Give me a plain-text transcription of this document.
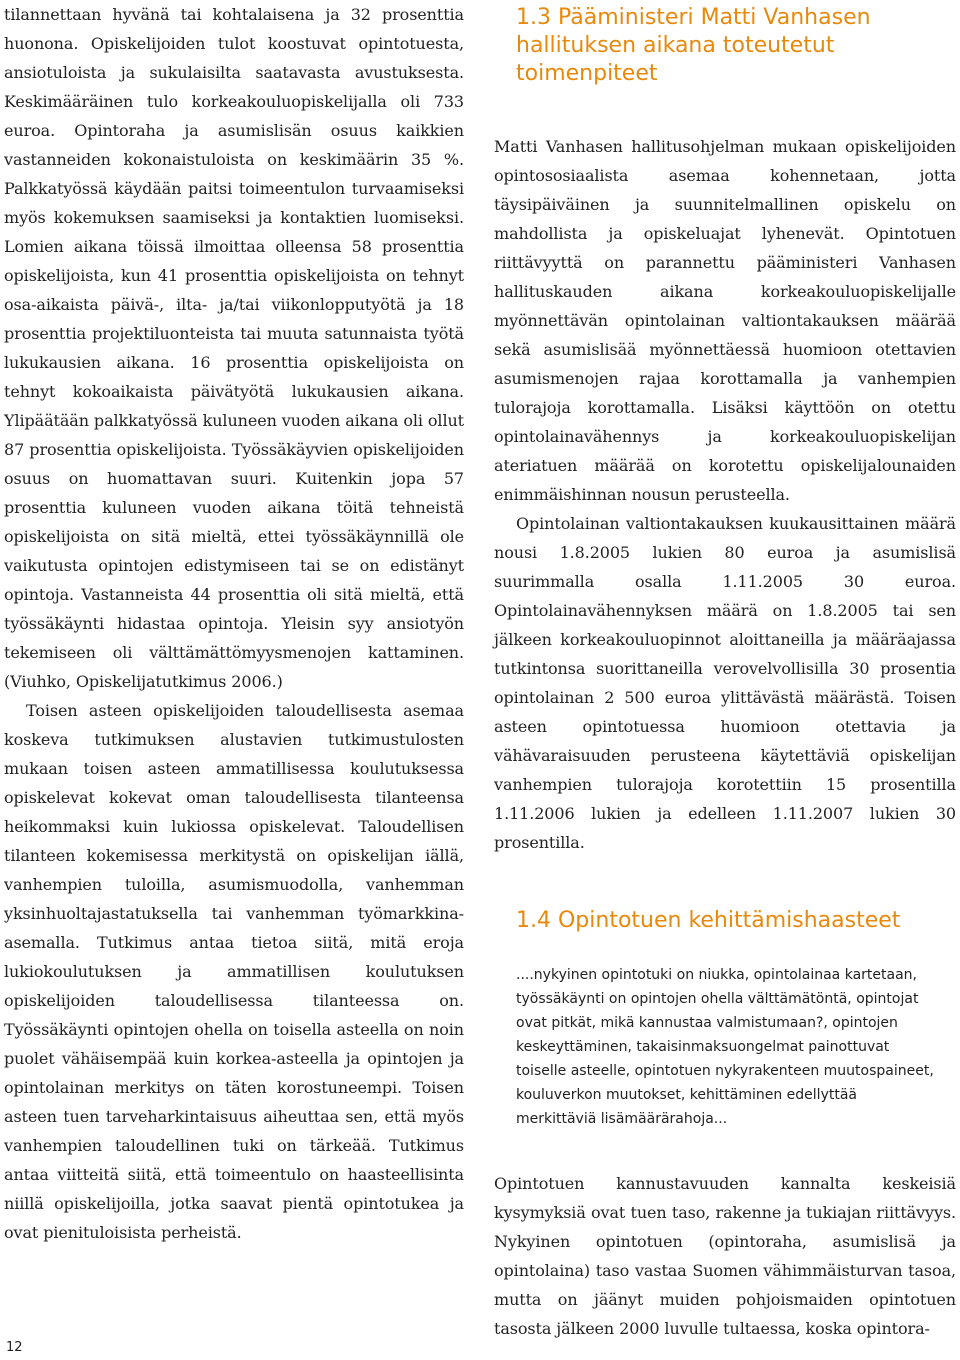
tilannettaan hyvänä tai kohtalaisena ja 32 prosenttia huonona. Opiskelijoiden tulot koostuvat opintotuesta, ansiotuloista ja sukulaisilta saatavasta avustuksesta. Keskimääräinen tulo korkeakouluopiskelijalla oli 733 euroa. Opintoraha ja asumislisän osuus kaikkien vastanneiden kokonaistuloista on keskimäärin 35 %. Palkkatyössä käydään paitsi toimeentulon turvaamiseksi myös kokemuksen saamiseksi ja kontaktien luomiseksi. Lomien aikana töissä ilmoittaa olleensa 58 prosenttia opiskelijoista, kun 41 prosenttia opiskelijoista on tehnyt osa-aikaista päivä-, ilta- ja/tai viikonlopputyötä ja 18 prosenttia projektiluonteista tai muuta satunnaista työtä lukukausien aikana. 16 prosenttia opiskelijoista on tehnyt kokoaikaista päivätyötä lukukausien aikana. Ylipäätään palkkatyössä kuluneen vuoden aikana oli ollut 87 prosenttia opiskelijoista. Työssäkäyvien opiskelijoiden osuus on huomattavan suuri. Kuitenkin jopa 57 prosenttia kuluneen vuoden aikana töitä tehneistä opiskelijoista on sitä mieltä, ettei työssäkäynnillä ole vaikutusta opintojen edistymiseen tai se on edistänyt opintoja. Vastanneista 44 prosenttia oli sitä mieltä, että työssäkäynti hidastaa opintoja. Yleisin syy ansiotyön tekemiseen oli välttämättömyysmenojen kattaminen.(Viuhko, Opiskelijatutkimus 2006.)

Toisen asteen opiskelijoiden taloudellisesta asemaa koskeva tutkimuksen alustavien tutkimustulosten mukaan toisen asteen ammatillisessa koulutuksessa opiskelevat kokevat oman taloudellisesta tilanteensa heikommaksi kuin lukiossa opiskelevat. Taloudellisen tilanteen kokemisessa merkitystä on opiskelijan iällä, vanhempien tuloilla, asumismuodolla, vanhemman yksinhuoltajastatuksella tai vanhemman työmarkkina-asemalla. Tutkimus antaa tietoa siitä, mitä eroja lukiokoulutuksen ja ammatillisen koulutuksen opiskelijoiden taloudellisessa tilanteessa on. Työssäkäynti opintojen ohella on toisella asteella on noin puolet vähäisempää kuin korkea-asteella ja opintojen ja opintolainan merkitys on täten korostuneempi. Toisen asteen tuen tarveharkintaisuus aiheuttaa sen, että myös vanhempien taloudellinen tuki on tärkeää. Tutkimus antaa viitteitä siitä, että toimeentulo on haasteellisinta niillä opiskelijoilla, jotka saavat pientä opintotukea ja ovat pienituloisista perheistä.

1.3 Pääministeri Matti Vanhasen hallituksen aikana toteutetut toimenpiteet

Matti Vanhasen hallitusohjelman mukaan opiskelijoiden opintososiaalista asemaa kohennetaan, jotta täysipäiväinen ja suunnitelmallinen opiskelu on mahdollista ja opiskeluajat lyhenevät. Opintotuen riittävyyttä on parannettu pääministeri Vanhasen hallituskauden aikana korkeakouluopiskelijalle myönnettävän opintolainan valtiontakauksen määrää sekä asumislisää myönnettäessä huomioon otettavien asumismenojen rajaa korottamalla ja vanhempien tulorajoja korottamalla. Lisäksi käyttöön on otettu opintolainavähennys ja korkeakouluopiskelijan ateriatuen määrää on korotettu opiskelijalounaiden enimmäishinnan nousun perusteella.

Opintolainan valtiontakauksen kuukausittainen määrä nousi 1.8.2005 lukien 80 euroa ja asumislisä suurimmalla osalla 1.11.2005 30 euroa. Opintolainavähennyksen määrä on 1.8.2005 tai sen jälkeen korkeakouluopinnot aloittaneilla ja määräajassa tutkintonsa suorittaneilla verovelvollisilla 30 prosentia opintolainan 2 500 euroa ylittävästä määrästä. Toisen asteen opintotuessa huomioon otettavia ja vähävaraisuuden perusteena käytettäviä opiskelijan vanhempien tulorajoja korotettiin 15 prosentilla 1.11.2006 lukien ja edelleen 1.11.2007 lukien 30 prosentilla.

1.4 Opintotuen kehittämishaasteet

....nykyinen opintotuki on niukka, opintolainaa kartetaan, työssäkäynti on opintojen ohella välttämätöntä, opintojat ovat pitkät, mikä kannustaa valmistumaan?, opintojen keskeyttäminen, takaisinmaksuongelmat painottuvat toiselle asteelle, opintotuen nykyrakenteen muutospaineet, kouluverkon muutokset, kehittäminen edellyttää merkittäviä lisämäärärahoja...

Opintotuen kannustavuuden kannalta keskeisiä kysymyksiä ovat tuen taso, rakenne ja tukiajan riittävyys. Nykyinen opintotuen (opintoraha, asumislisä ja opintolaina) taso vastaa Suomen vähimmäisturvan tasoa, mutta on jäänyt muiden pohjoismaiden opintotuen tasosta jälkeen 2000 luvulle tultaessa, koska opintora-

12
